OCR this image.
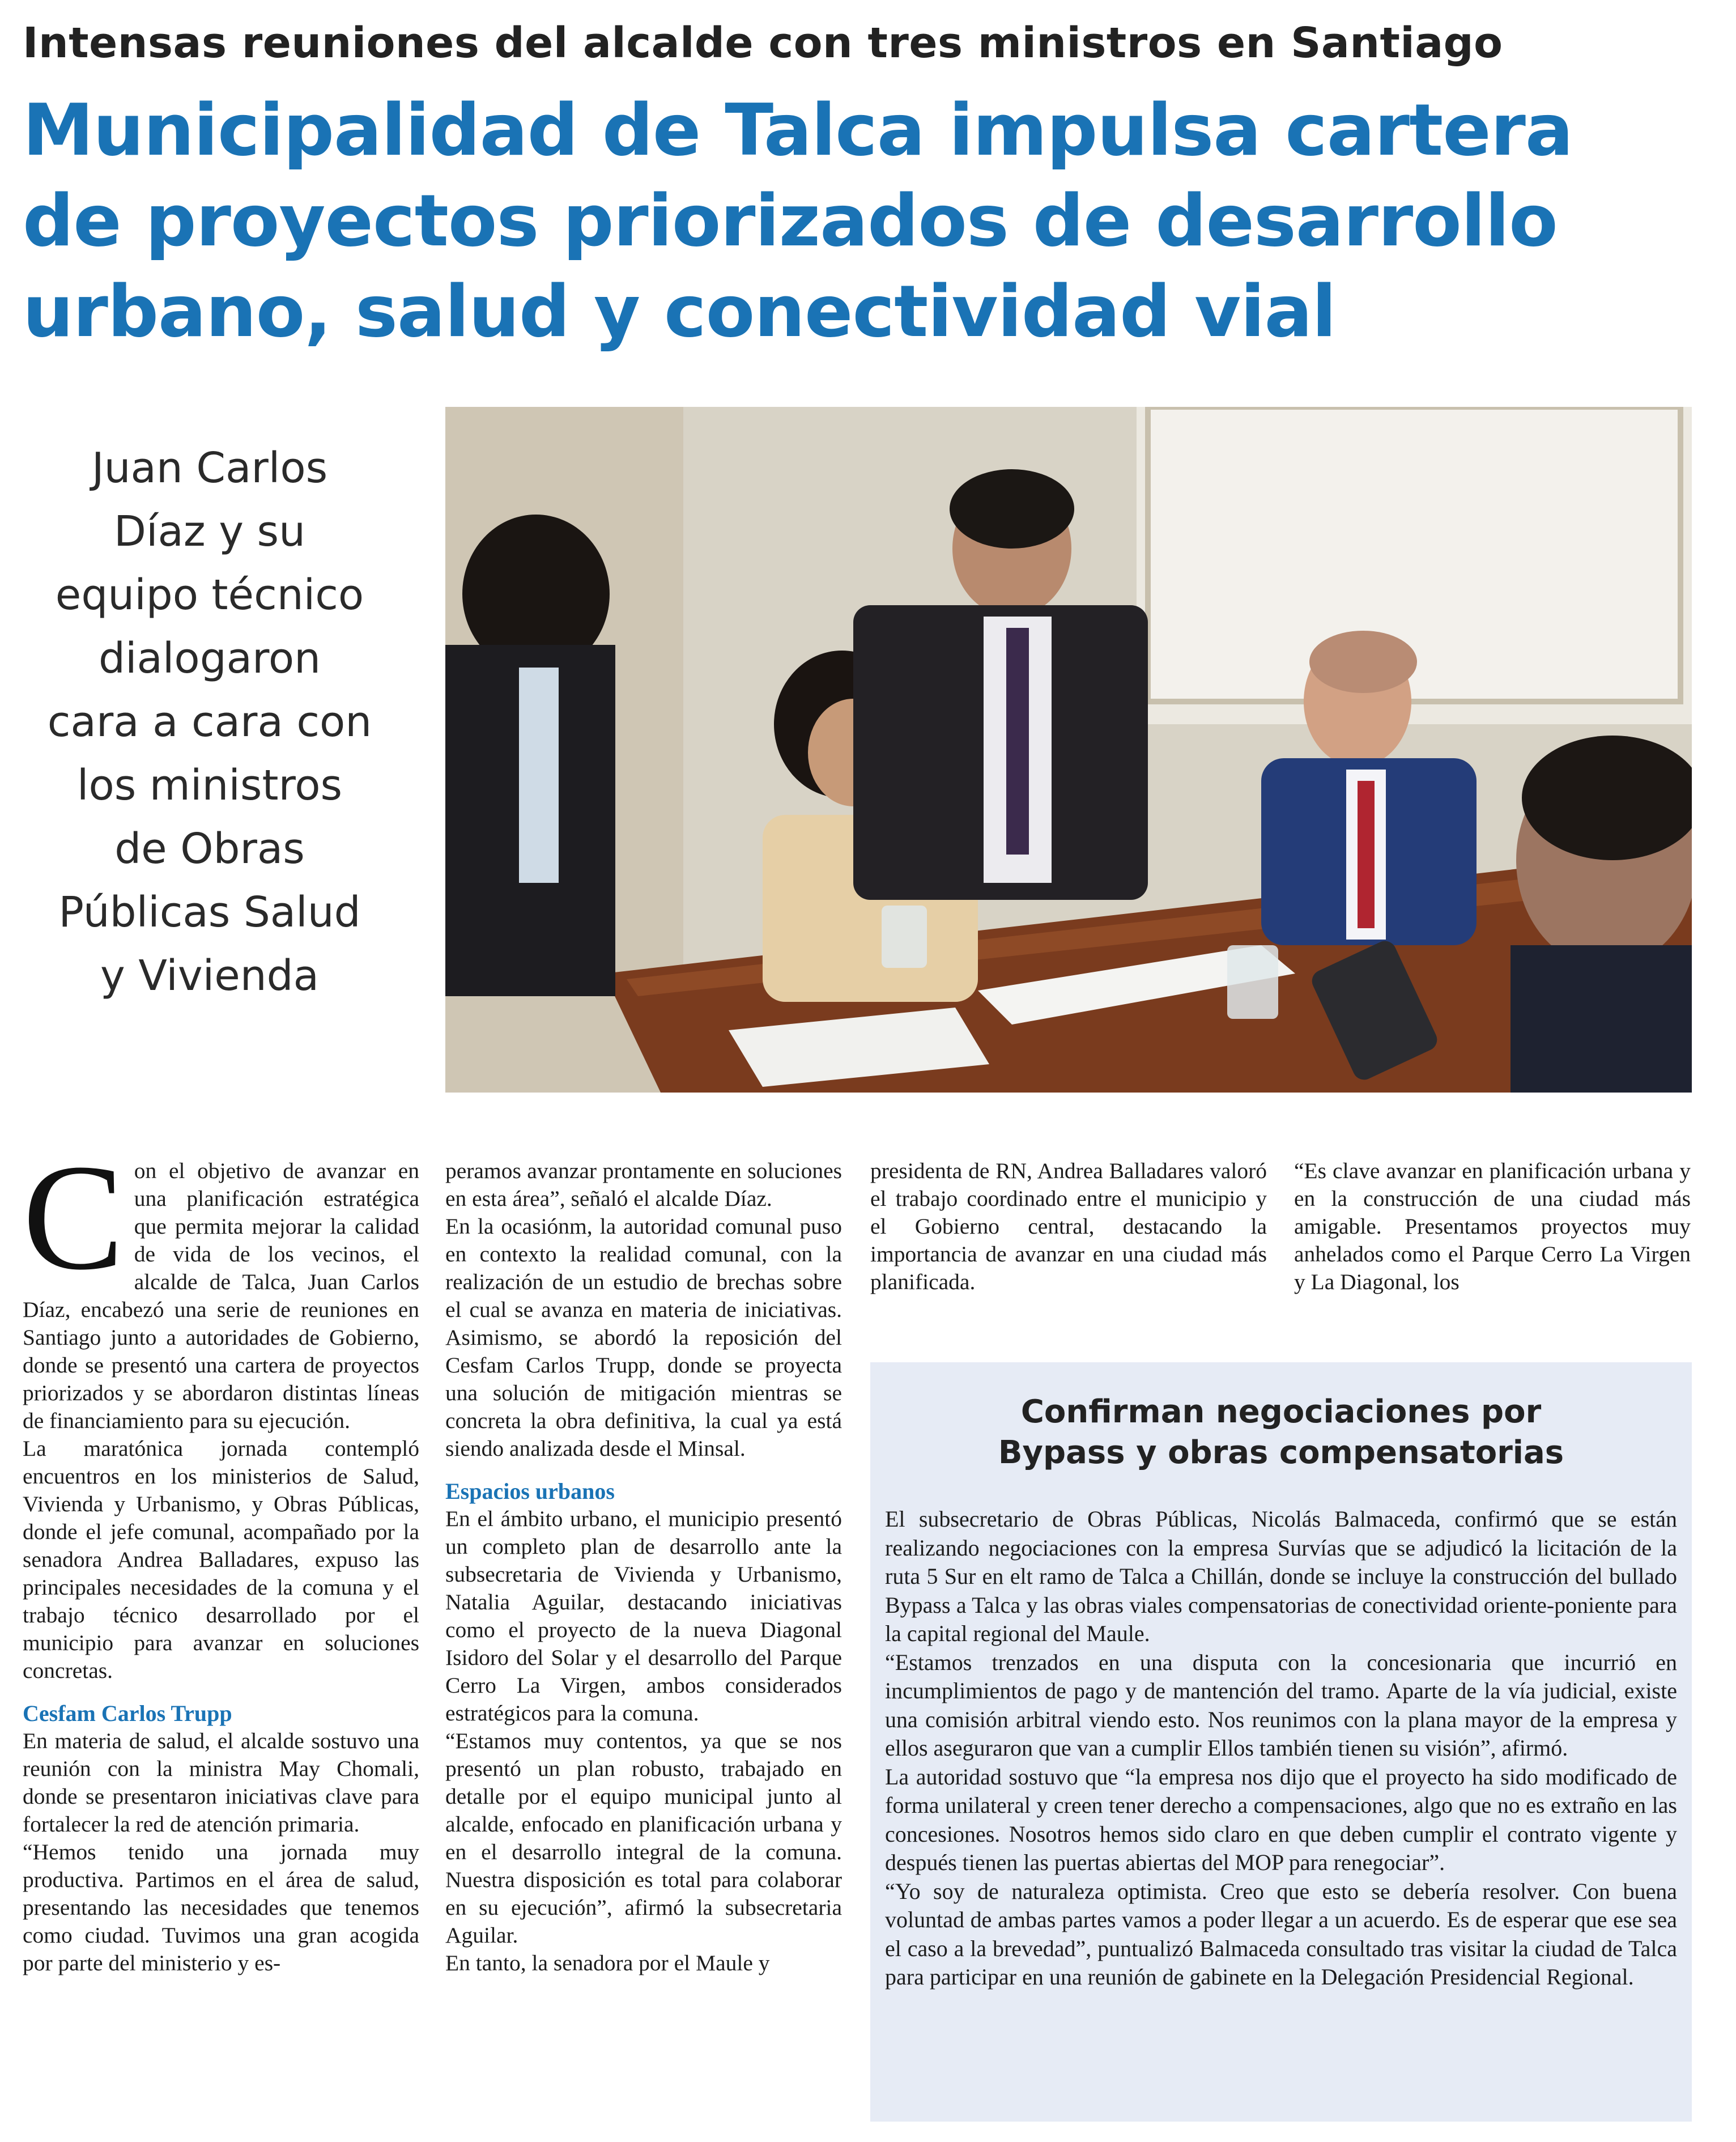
Intensas reuniones del alcalde con tres ministros en Santiago
Municipalidad de Talca impulsa cartera
de proyectos priorizados de desarrollo
urbano, salud y conectividad vial
Juan Carlos
Díaz y su
equipo técnico
dialogaron
cara a cara con
los ministros
de Obras
Públicas Salud
y Vivienda

Con el objetivo de avanzar en una planificación estratégica que permita mejorar la calidad de vida de los vecinos, el alcalde de Talca, Juan Carlos Díaz, encabezó una serie de reuniones en Santiago junto a autoridades de Gobierno, donde se presentó una cartera de proyectos priorizados y se abordaron distintas líneas de financiamiento para su ejecución.

La maratónica jornada contempló encuentros en los ministerios de Salud, Vivienda y Urbanismo, y Obras Públicas, donde el jefe comunal, acompañado por la senadora Andrea Balladares, expuso las principales necesidades de la comuna y el trabajo técnico desarrollado por el municipio para avanzar en soluciones concretas.

Cesfam Carlos Trupp

En materia de salud, el alcalde sostuvo una reunión con la ministra May Chomali, donde se presentaron iniciativas clave para fortalecer la red de atención primaria.

“Hemos tenido una jornada muy productiva. Partimos en el área de salud, presentando las necesidades que tenemos como ciudad. Tuvimos una gran acogida por parte del ministerio y es-

peramos avanzar prontamente en soluciones en esta área”, señaló el alcalde Díaz.

En la ocasiónm, la autoridad comunal puso en contexto la realidad comunal, con la realización de un estudio de brechas sobre el cual se avanza en materia de iniciativas. Asimismo, se abordó la reposición del Cesfam Carlos Trupp, donde se proyecta una solución de mitigación mientras se concreta la obra definitiva, la cual ya está siendo analizada desde el Minsal.

Espacios urbanos

En el ámbito urbano, el municipio presentó un completo plan de desarrollo ante la subsecretaria de Vivienda y Urbanismo, Natalia Aguilar, destacando iniciativas como el proyecto de la nueva Diagonal Isidoro del Solar y el desarrollo del Parque Cerro La Virgen, ambos considerados estratégicos para la comuna.

“Estamos muy contentos, ya que se nos presentó un plan robusto, trabajado en detalle por el equipo municipal junto al alcalde, enfocado en planificación urbana y en el desarrollo integral de la comuna. Nuestra disposición es total para colaborar en su ejecución”, afirmó la subsecretaria Aguilar.

En tanto, la senadora por el Maule y

presidenta de RN, Andrea Balladares valoró el trabajo coordinado entre el municipio y el Gobierno central, destacando la importancia de avanzar en una ciudad más planificada.

“Es clave avanzar en planificación urbana y en la construcción de una ciudad más amigable. Presentamos proyectos muy anhelados como el Parque Cerro La Virgen y La Diagonal, los

Confirman negociaciones por
Bypass y obras compensatorias

El subsecretario de Obras Públicas, Nicolás Balmaceda, confirmó que se están realizando negociaciones con la empresa Survías que se adjudicó la licitación de la ruta 5 Sur en elt ramo de Talca a Chillán, donde se incluye la construcción del bullado Bypass a Talca y las obras viales compensatorias de conectividad oriente-poniente para la capital regional del Maule.

“Estamos trenzados en una disputa con la concesionaria que incurrió en incumplimientos de pago y de mantención del tramo. Aparte de la vía judicial, existe una comisión arbitral viendo esto. Nos reunimos con la plana mayor de la empresa y ellos aseguraron que van a cumplir Ellos también tienen su visión”, afirmó.

La autoridad sostuvo que “la empresa nos dijo que el proyecto ha sido modificado de forma unilateral y creen tener derecho a compensaciones, algo que no es extraño en las concesiones. Nosotros hemos sido claro en que deben cumplir el contrato vigente y después tienen las puertas abiertas del MOP para renegociar”.

“Yo soy de naturaleza optimista. Creo que esto se debería resolver. Con buena voluntad de ambas partes vamos a poder llegar a un acuerdo. Es de esperar que ese sea el caso a la brevedad”, puntualizó Balmaceda consultado tras visitar la ciudad de Talca para participar en una reunión de gabinete en la Delegación Presidencial Regional.
